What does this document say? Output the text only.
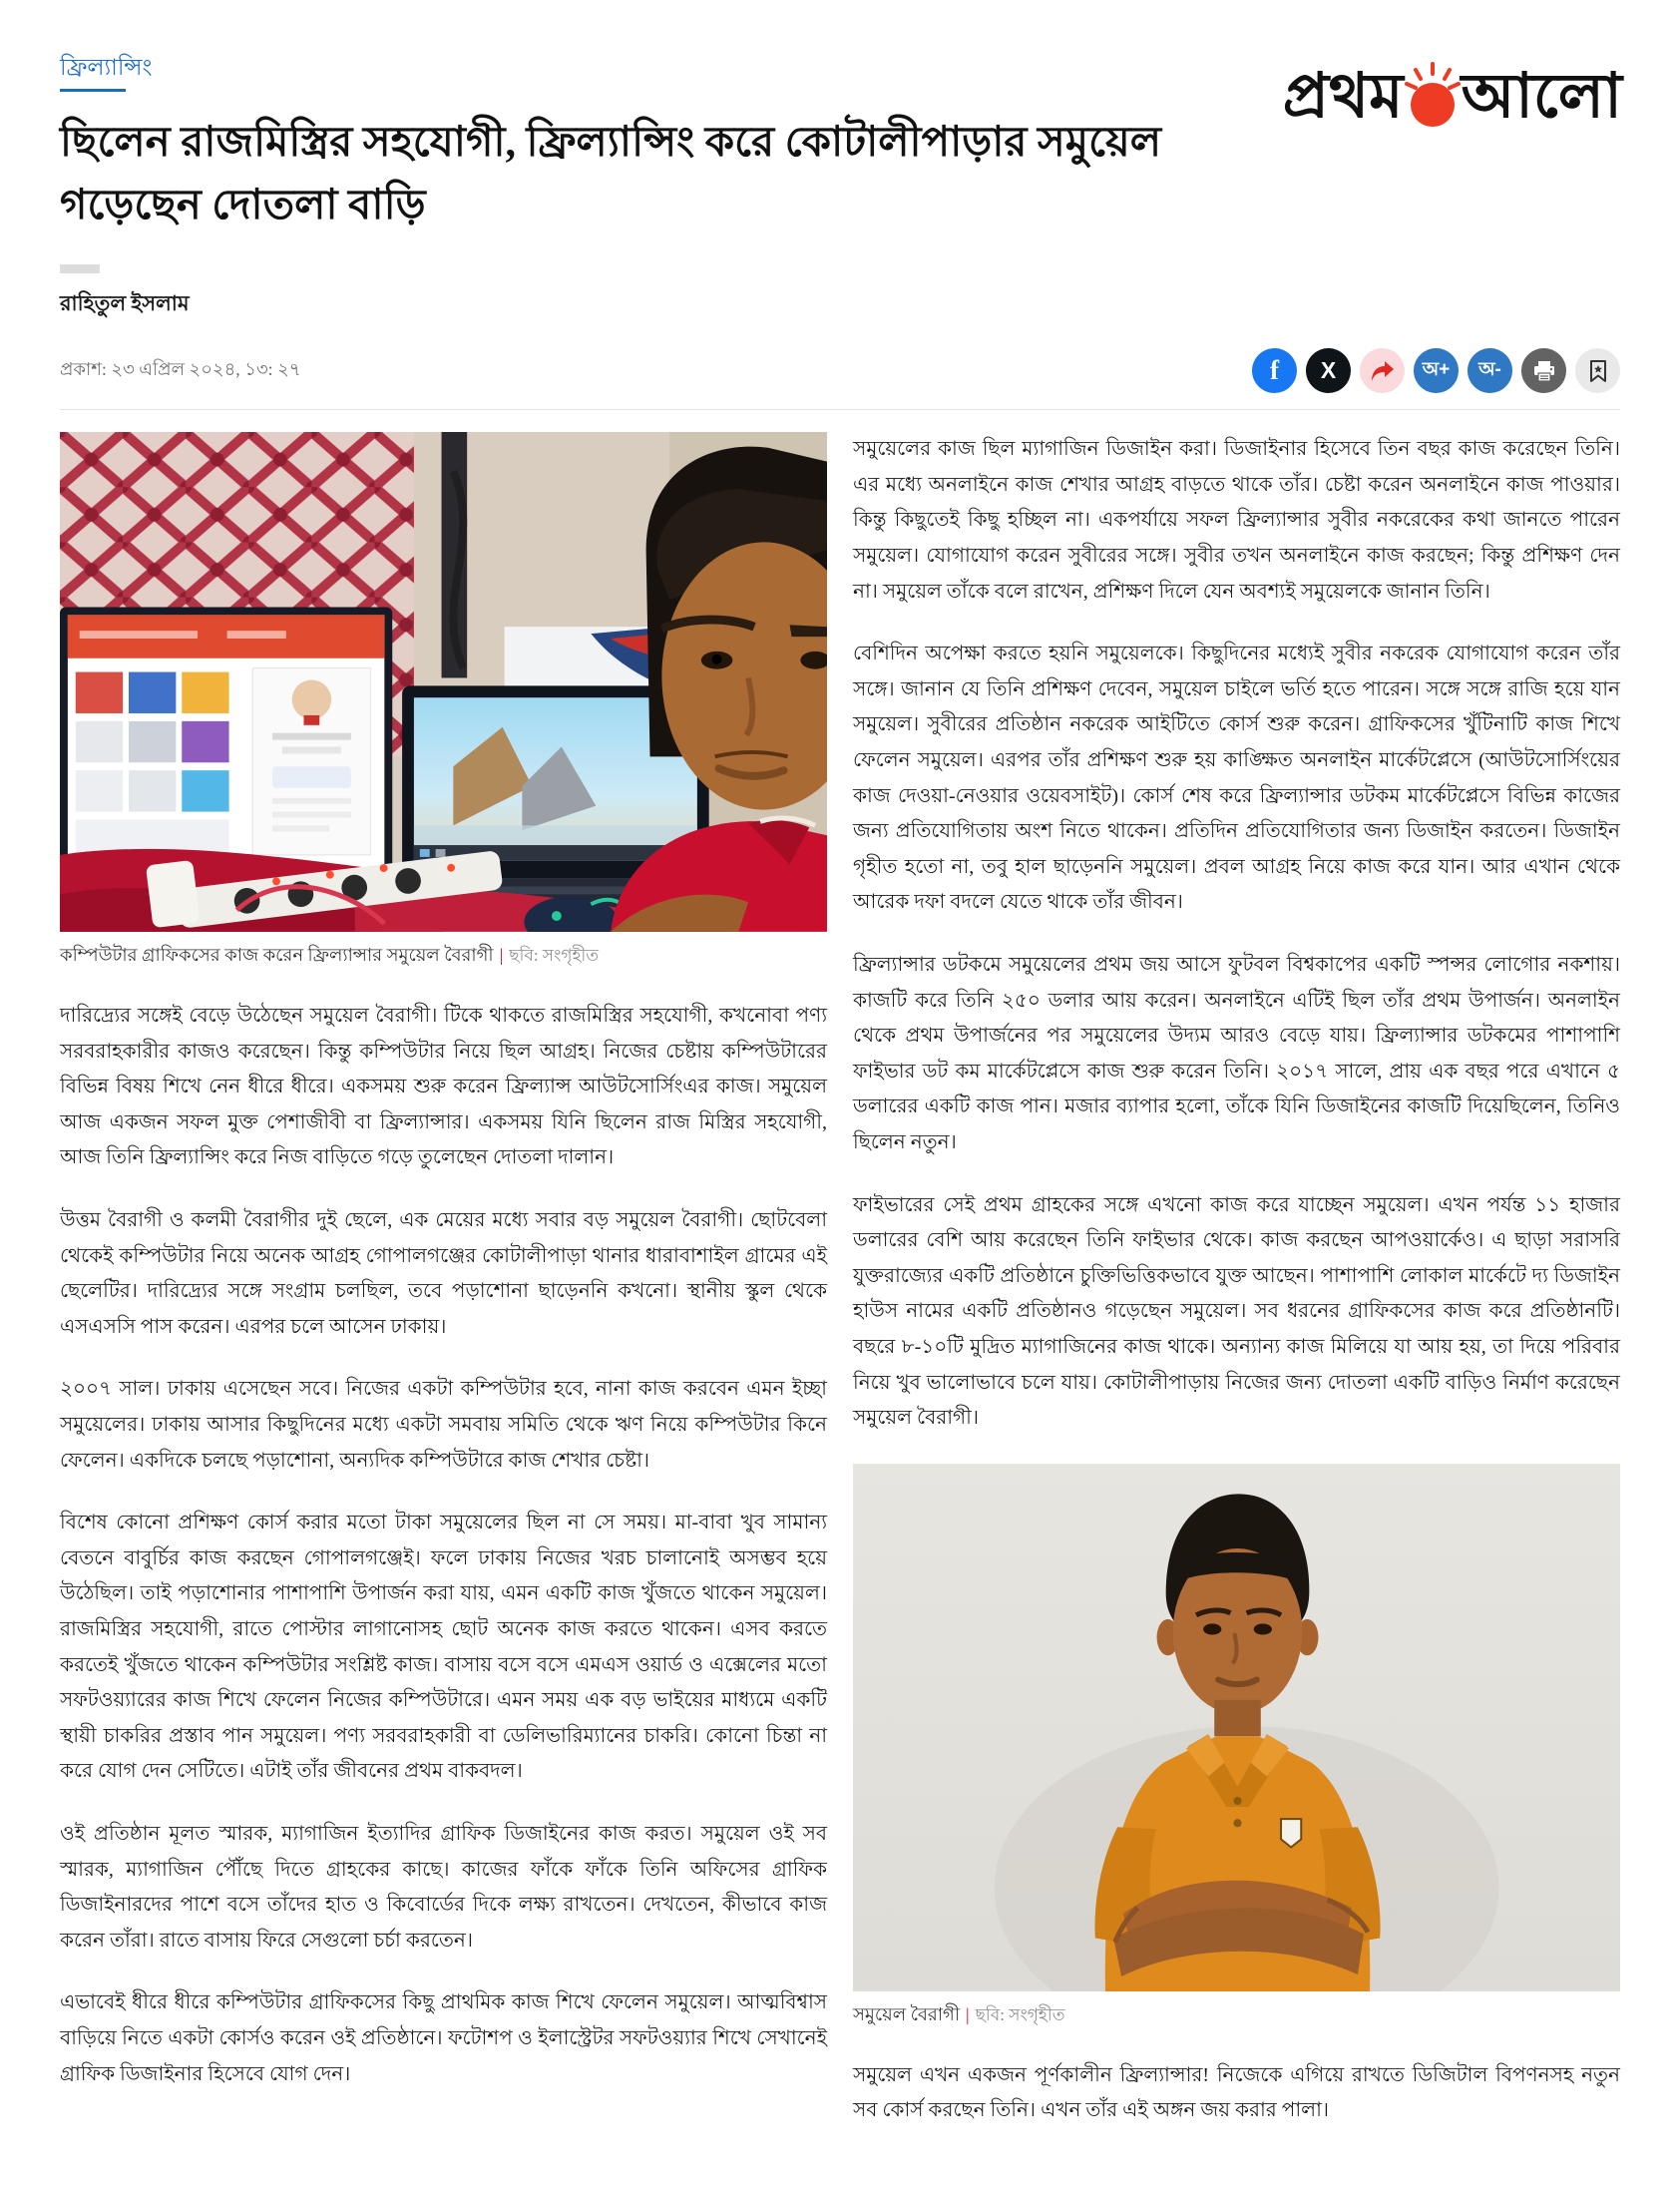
প্রথম আলো
ফ্রিল্যান্সিং
ছিলেন রাজমিস্ত্রির সহযোগী, ফ্রিল্যান্সিং করে কোটালীপাড়ার সমুয়েল গড়েছেন দোতলা বাড়ি
রাহিতুল ইসলাম
প্রকাশ: ২৩ এপ্রিল ২০২৪, ১৩: ২৭	f X	অ+ অ-
কম্পিউটার গ্রাফিকসের কাজ করেন ফ্রিল্যান্সার সমুয়েল বৈরাগী | ছবি: সংগৃহীত

দারিদ্র্যের সঙ্গেই বেড়ে উঠেছেন সমুয়েল বৈরাগী। টিকে থাকতে রাজমিস্ত্রির সহযোগী, কখনোবা পণ্য সরবরাহকারীর কাজও করেছেন। কিন্তু কম্পিউটার নিয়ে ছিল আগ্রহ। নিজের চেষ্টায় কম্পিউটারের বিভিন্ন বিষয় শিখে নেন ধীরে ধীরে। একসময় শুরু করেন ফ্রিল্যান্স আউটসোর্সিংএর কাজ। সমুয়েল আজ একজন সফল মুক্ত পেশাজীবী বা ফ্রিল্যান্সার। একসময় যিনি ছিলেন রাজ মিস্ত্রির সহযোগী, আজ তিনি ফ্রিল্যান্সিং করে নিজ বাড়িতে গড়ে তুলেছেন দোতলা দালান।

উত্তম বৈরাগী ও কলমী বৈরাগীর দুই ছেলে, এক মেয়ের মধ্যে সবার বড় সমুয়েল বৈরাগী। ছোটবেলা থেকেই কম্পিউটার নিয়ে অনেক আগ্রহ গোপালগঞ্জের কোটালীপাড়া থানার ধারাবাশাইল গ্রামের এই ছেলেটির। দারিদ্র্যের সঙ্গে সংগ্রাম চলছিল, তবে পড়াশোনা ছাড়েননি কখনো। স্থানীয় স্কুল থেকে এসএসসি পাস করেন। এরপর চলে আসেন ঢাকায়।

২০০৭ সাল। ঢাকায় এসেছেন সবে। নিজের একটা কম্পিউটার হবে, নানা কাজ করবেন এমন ইচ্ছা সমুয়েলের। ঢাকায় আসার কিছুদিনের মধ্যে একটা সমবায় সমিতি থেকে ঋণ নিয়ে কম্পিউটার কিনে ফেলেন। একদিকে চলছে পড়াশোনা, অন্যদিক কম্পিউটারে কাজ শেখার চেষ্টা।

বিশেষ কোনো প্রশিক্ষণ কোর্স করার মতো টাকা সমুয়েলের ছিল না সে সময়। মা-বাবা খুব সামান্য বেতনে বাবুর্চির কাজ করছেন গোপালগঞ্জেই। ফলে ঢাকায় নিজের খরচ চালানোই অসম্ভব হয়ে উঠেছিল। তাই পড়াশোনার পাশাপাশি উপার্জন করা যায়, এমন একটি কাজ খুঁজতে থাকেন সমুয়েল। রাজমিস্ত্রির সহযোগী, রাতে পোস্টার লাগানোসহ ছোট অনেক কাজ করতে থাকেন। এসব করতে করতেই খুঁজতে থাকেন কম্পিউটার সংশ্লিষ্ট কাজ। বাসায় বসে বসে এমএস ওয়ার্ড ও এক্সেলের মতো সফটওয়্যারের কাজ শিখে ফেলেন নিজের কম্পিউটারে। এমন সময় এক বড় ভাইয়ের মাধ্যমে একটি স্থায়ী চাকরির প্রস্তাব পান সমুয়েল। পণ্য সরবরাহকারী বা ডেলিভারিম্যানের চাকরি। কোনো চিন্তা না করে যোগ দেন সেটিতে। এটাই তাঁর জীবনের প্রথম বাকবদল।

ওই প্রতিষ্ঠান মূলত স্মারক, ম্যাগাজিন ইত্যাদির গ্রাফিক ডিজাইনের কাজ করত। সমুয়েল ওই সব স্মারক, ম্যাগাজিন পৌঁছে দিতে গ্রাহকের কাছে। কাজের ফাঁকে ফাঁকে তিনি অফিসের গ্রাফিক ডিজাইনারদের পাশে বসে তাঁদের হাত ও কিবোর্ডের দিকে লক্ষ্য রাখতেন। দেখতেন, কীভাবে কাজ করেন তাঁরা। রাতে বাসায় ফিরে সেগুলো চর্চা করতেন।

এভাবেই ধীরে ধীরে কম্পিউটার গ্রাফিকসের কিছু প্রাথমিক কাজ শিখে ফেলেন সমুয়েল। আত্মবিশ্বাস বাড়িয়ে নিতে একটা কোর্সও করেন ওই প্রতিষ্ঠানে। ফটোশপ ও ইলাস্ট্রেটর সফটওয়্যার শিখে সেখানেই গ্রাফিক ডিজাইনার হিসেবে যোগ দেন।

সমুয়েলের কাজ ছিল ম্যাগাজিন ডিজাইন করা। ডিজাইনার হিসেবে তিন বছর কাজ করেছেন তিনি। এর মধ্যে অনলাইনে কাজ শেখার আগ্রহ বাড়তে থাকে তাঁর। চেষ্টা করেন অনলাইনে কাজ পাওয়ার। কিন্তু কিছুতেই কিছু হচ্ছিল না। একপর্যায়ে সফল ফ্রিল্যান্সার সুবীর নকরেকের কথা জানতে পারেন সমুয়েল। যোগাযোগ করেন সুবীরের সঙ্গে। সুবীর তখন অনলাইনে কাজ করছেন; কিন্তু প্রশিক্ষণ দেন না। সমুয়েল তাঁকে বলে রাখেন, প্রশিক্ষণ দিলে যেন অবশ্যই সমুয়েলকে জানান তিনি।

বেশিদিন অপেক্ষা করতে হয়নি সমুয়েলকে। কিছুদিনের মধ্যেই সুবীর নকরেক যোগাযোগ করেন তাঁর সঙ্গে। জানান যে তিনি প্রশিক্ষণ দেবেন, সমুয়েল চাইলে ভর্তি হতে পারেন। সঙ্গে সঙ্গে রাজি হয়ে যান সমুয়েল। সুবীরের প্রতিষ্ঠান নকরেক আইটিতে কোর্স শুরু করেন। গ্রাফিকসের খুঁটিনাটি কাজ শিখে ফেলেন সমুয়েল। এরপর তাঁর প্রশিক্ষণ শুরু হয় কাঙ্ক্ষিত অনলাইন মার্কেটপ্লেসে (আউটসোর্সিংয়ের কাজ দেওয়া-নেওয়ার ওয়েবসাইট)। কোর্স শেষ করে ফ্রিল্যান্সার ডটকম মার্কেটপ্লেসে বিভিন্ন কাজের জন্য প্রতিযোগিতায় অংশ নিতে থাকেন। প্রতিদিন প্রতিযোগিতার জন্য ডিজাইন করতেন। ডিজাইন গৃহীত হতো না, তবু হাল ছাড়েননি সমুয়েল। প্রবল আগ্রহ নিয়ে কাজ করে যান। আর এখান থেকে আরেক দফা বদলে যেতে থাকে তাঁর জীবন।

ফ্রিল্যান্সার ডটকমে সমুয়েলের প্রথম জয় আসে ফুটবল বিশ্বকাপের একটি স্পন্সর লোগোর নকশায়। কাজটি করে তিনি ২৫০ ডলার আয় করেন। অনলাইনে এটিই ছিল তাঁর প্রথম উপার্জন। অনলাইন থেকে প্রথম উপার্জনের পর সমুয়েলের উদ্যম আরও বেড়ে যায়। ফ্রিল্যান্সার ডটকমের পাশাপাশি ফাইভার ডট কম মার্কেটপ্লেসে কাজ শুরু করেন তিনি। ২০১৭ সালে, প্রায় এক বছর পরে এখানে ৫ ডলারের একটি কাজ পান। মজার ব্যাপার হলো, তাঁকে যিনি ডিজাইনের কাজটি দিয়েছিলেন, তিনিও ছিলেন নতুন।

ফাইভারের সেই প্রথম গ্রাহকের সঙ্গে এখনো কাজ করে যাচ্ছেন সমুয়েল। এখন পর্যন্ত ১১ হাজার ডলারের বেশি আয় করেছেন তিনি ফাইভার থেকে। কাজ করছেন আপওয়ার্কেও। এ ছাড়া সরাসরি যুক্তরাজ্যের একটি প্রতিষ্ঠানে চুক্তিভিত্তিকভাবে যুক্ত আছেন। পাশাপাশি লোকাল মার্কেটে দ্য ডিজাইন হাউস নামের একটি প্রতিষ্ঠানও গড়েছেন সমুয়েল। সব ধরনের গ্রাফিকসের কাজ করে প্রতিষ্ঠানটি। বছরে ৮-১০টি মুদ্রিত ম্যাগাজিনের কাজ থাকে। অন্যান্য কাজ মিলিয়ে যা আয় হয়, তা দিয়ে পরিবার নিয়ে খুব ভালোভাবে চলে যায়। কোটালীপাড়ায় নিজের জন্য দোতলা একটি বাড়িও নির্মাণ করেছেন সমুয়েল বৈরাগী।

সমুয়েল বৈরাগী | ছবি: সংগৃহীত

সমুয়েল এখন একজন পূর্ণকালীন ফ্রিল্যান্সার! নিজেকে এগিয়ে রাখতে ডিজিটাল বিপণনসহ নতুন সব কোর্স করছেন তিনি। এখন তাঁর এই অঙ্গন জয় করার পালা।
